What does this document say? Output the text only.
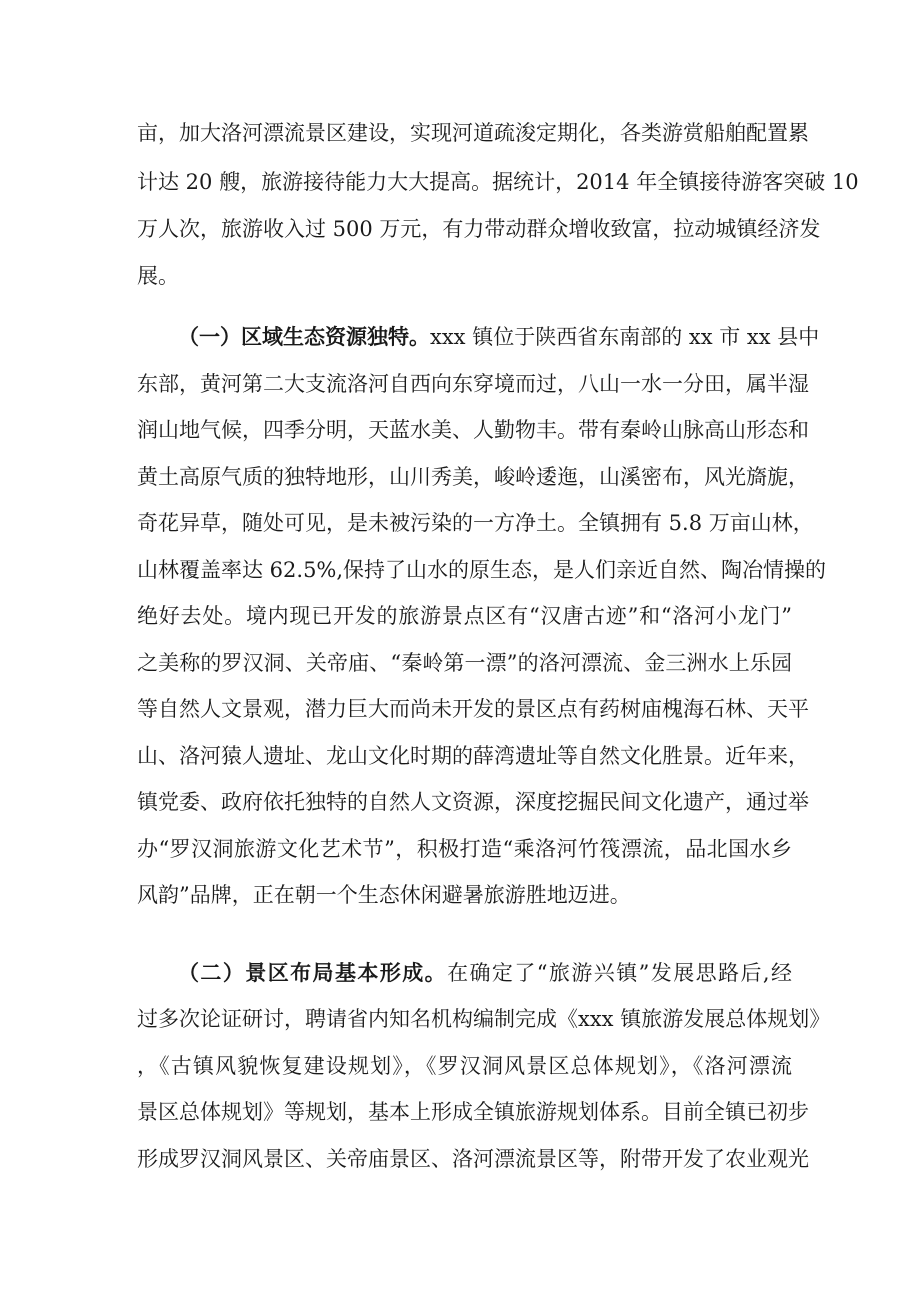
亩，加大洛河漂流景区建设，实现河道疏浚定期化，各类游赏船舶配置累
计达 20 艘，旅游接待能力大大提高。据统计，2014 年全镇接待游客突破 10
万人次，旅游收入过 500 万元，有力带动群众增收致富，拉动城镇经济发
展。
（一）区域生态资源独特。xxx 镇位于陕西省东南部的 xx 市 xx 县中
东部，黄河第二大支流洛河自西向东穿境而过，八山一水一分田，属半湿
润山地气候，四季分明，天蓝水美、人勤物丰。带有秦岭山脉高山形态和
黄土高原气质的独特地形，山川秀美，峻岭逶迤，山溪密布，风光旖旎，
奇花异草，随处可见，是未被污染的一方净土。全镇拥有 5.8 万亩山林，
山林覆盖率达 62.5%,保持了山水的原生态，是人们亲近自然、陶冶情操的
绝好去处。境内现已开发的旅游景点区有“汉唐古迹”和“洛河小龙门”
之美称的罗汉洞、关帝庙、“秦岭第一漂”的洛河漂流、金三洲水上乐园
等自然人文景观，潜力巨大而尚未开发的景区点有药树庙槐海石林、天平
山、洛河猿人遗址、龙山文化时期的薛湾遗址等自然文化胜景。近年来，
镇党委、政府依托独特的自然人文资源，深度挖掘民间文化遗产，通过举
办“罗汉洞旅游文化艺术节”，积极打造“乘洛河竹筏漂流，品北国水乡
风韵”品牌，正在朝一个生态休闲避暑旅游胜地迈进。
（二）景区布局基本形成。在确定了“旅游兴镇”发展思路后,经
过多次论证研讨，聘请省内知名机构编制完成《xxx 镇旅游发展总体规划》
，《古镇风貌恢复建设规划》，《罗汉洞风景区总体规划》，《洛河漂流
景区总体规划》等规划，基本上形成全镇旅游规划体系。目前全镇已初步
形成罗汉洞风景区、关帝庙景区、洛河漂流景区等，附带开发了农业观光
